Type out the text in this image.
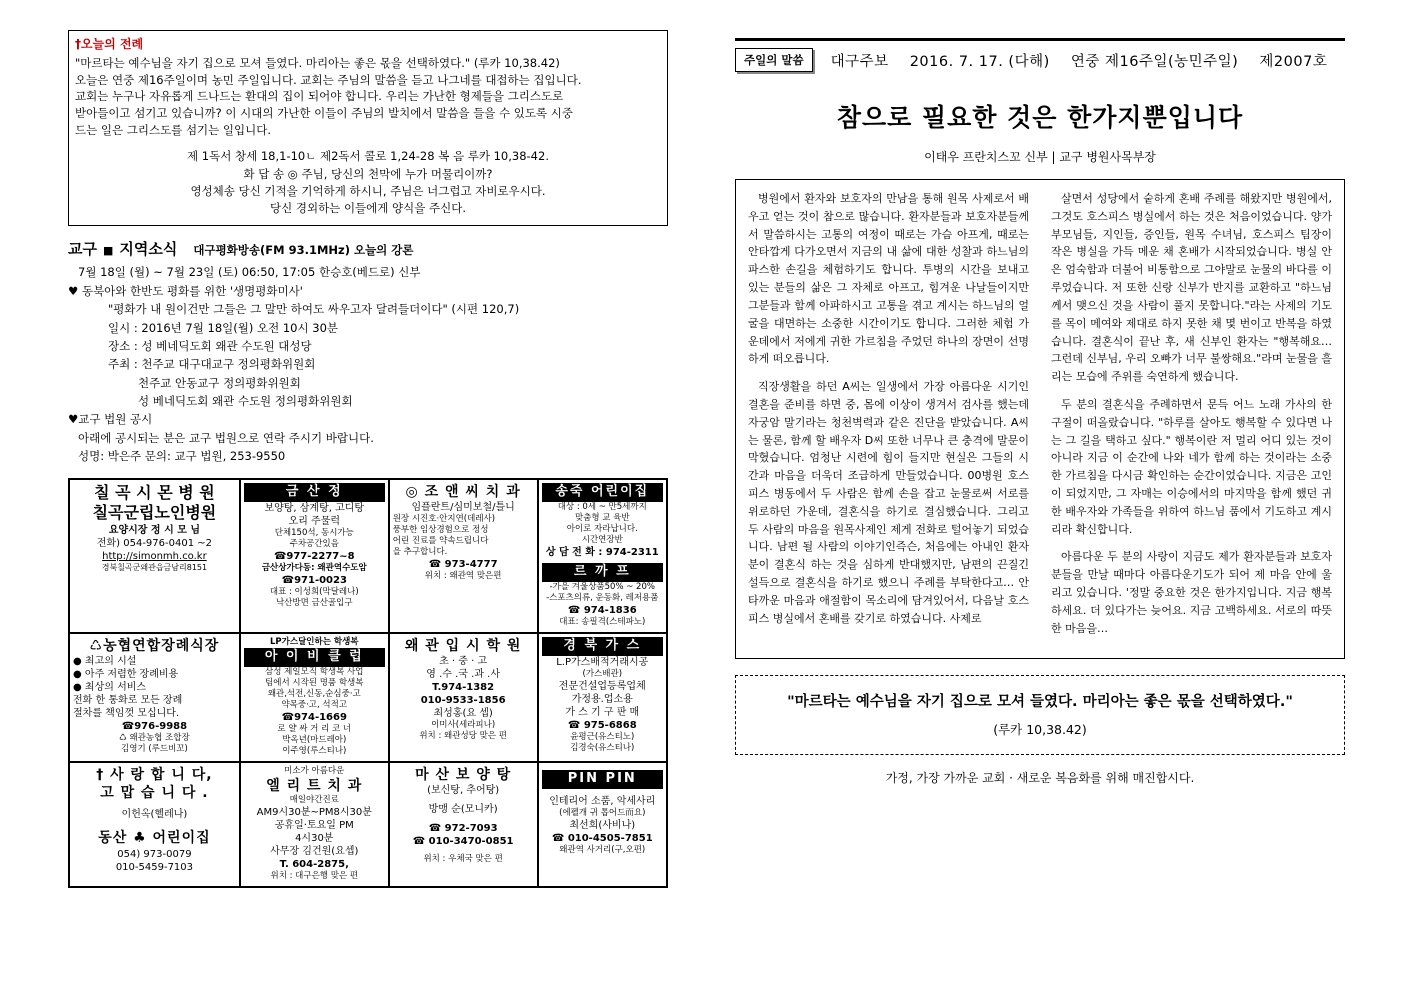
†오늘의 전례
"마르타는 예수님을 자기 집으로 모셔 들였다. 마리아는 좋은 몫을 선택하였다." (루카 10,38.42)
오늘은 연중 제16주일이며 농민 주일입니다. 교회는 주님의 말씀을 듣고 나그네를 대접하는 집입니다.
교회는 누구나 자유롭게 드나드는 환대의 집이 되어야 합니다. 우리는 가난한 형제들을 그리스도로
받아들이고 섬기고 있습니까? 이 시대의 가난한 이들이 주님의 발치에서 말씀을 들을 수 있도록 시중
드는 일은 그리스도를 섬기는 일입니다.
제 1독서 창세 18,1-10ㄴ 제2독서 콜로 1,24-28 복 음 루카 10,38-42.
화 답 송 ◎ 주님, 당신의 천막에 누가 머물리이까?
영성체송 당신 기적을 기억하게 하시니, 주님은 너그럽고 자비로우시다.
당신 경외하는 이들에게 양식을 주신다.
교구 ■ 지역소식 대구평화방송(FM 93.1MHz) 오늘의 강론
7월 18일 (월) ~ 7월 23일 (토) 06:50, 17:05 한승호(베드로) 신부
♥ 동북아와 한반도 평화를 위한 '생명평화미사'
"평화가 내 원이건만 그들은 그 말만 하여도 싸우고자 달려들더이다" (시편 120,7)
일시 : 2016년 7월 18일(월) 오전 10시 30분
장소 : 성 베네딕도회 왜관 수도원 대성당
주최 : 천주교 대구대교구 정의평화위원회
천주교 안동교구 정의평화위원회
성 베네딕도회 왜관 수도원 정의평화위원회
♥교구 법원 공시
아래에 공시되는 분은 교구 법원으로 연락 주시기 바랍니다.
성명: 박은주 문의: 교구 법원, 253-9550
칠 곡 시 몬 병 원
칠곡군립노인병원
요양시장 정 시 모 님
전화) 054-976-0401 ~2
http://simonmh.co.kr
경북칠곡군왜관읍금남리8151
금 산 정
보양탕, 삼계탕, 고디탕
오리 주물럭
단체150석, 동시가능
주차공간있음
☎977-2277~8
금산상가다동: 왜관역수도암
☎971-0023
대표 : 이성희(막달레나)
낙산방면 금산골입구
◎ 조 앤 씨 치 과
임플란트/심미보철/틀니
원장 시진호·안지연(데레사)
풍부한 임상경험으로 정성
어린 진료를 약속드립니다
을 추구합니다.
☎ 973-4777
위치 : 왜관역 맞은편
송죽 어린이집
대상 : 0세 ~ 만5세까지
맞춤형 교 육반
아이로 자라납니다.
시간연장반
상 담 전 화 : 974-2311
르 까 프
-가을 겨울상품50% ~ 20%
-스포츠의류, 운동화, 레저용품
☎ 974-1836
대표: 송필격(스테파노)
♺농협연합장례식장
● 최고의 시설
● 아주 저렴한 장례비용
● 최상의 서비스
전화 한 통화로 모든 장례
절차를 책임껏 모십니다.
☎976-9988
♺ 왜관농협 조합장
김영기 (루드비꼬)
LP가스달인하는 학생복
아 이 비 클 럽
삼성 제일모직 학생복 사업
팀에서 시작된 명품 학생복
왜관,석전,신동,순심중·고
약목중·고, 석적고
☎974-1669
로 얄 싸 거 리 코 너
박옥년(마드레아)
이주영(루스티나)
왜 관 입 시 학 원
초 · 중 · 고
영 .수 .국 .과 .사
T.974-1382
010-9533-1856
최성홍(요 셉)
이미사(세라피나)
위치 : 왜관성당 맞은 편
경 북 가 스
L.P가스배적거래시공
(가스배관)
전문건설업등록업체
가정용.업소용
가 스 기 구 판 매
☎ 975-6868
윤평근(유스티노)
김경숙(유스티나)
† 사 랑 합 니 다,
고 맙 습 니 다 .
이헌옥(헬레나)
동산 ♣ 어린이집
054) 973-0079
010-5459-7103
미소가 아름다운
엘 리 트 치 과
매일야간진료
AM9시30분~PM8시30분
공휴일·토요일 PM
4시30분
사무장 김건원(요셉)
T. 604-2875,
위치 : 대구은행 맞은 편
마 산 보 양 탕
(보신탕, 추어탕)
방맹 순(모니카)
☎ 972-7093
☎ 010-3470-0851
위치 : 우체국 맞은 편
PIN PIN
인테리어 소품, 악세사리
(에펠개 귀 톱어드而요)
최선희(사비나)
☎ 010-4505-7851
왜관역 사거리(구,오편)
주일의 말씀	대구주보 2016. 7. 17. (다해) 연중 제16주일(농민주일) 제2007호
참으로 필요한 것은 한가지뿐입니다
이태우 프란치스꼬 신부 | 교구 병원사목부장

병원에서 환자와 보호자의 만남을 통해 원목 사제로서 배우고 얻는 것이 참으로 많습니다. 환자분들과 보호자분들께서 말씀하시는 고통의 여정이 때로는 가슴 아프게, 때로는 안타깝게 다가오면서 지금의 내 삶에 대한 성찰과 하느님의 파스한 손길을 체험하기도 합니다. 투병의 시간을 보내고 있는 분들의 삶은 그 자체로 아프고, 힘겨운 나날들이지만 그분들과 함께 아파하시고 고통을 겪고 계시는 하느님의 얼굴을 대면하는 소중한 시간이기도 합니다. 그러한 체험 가운데에서 저에게 귀한 가르침을 주었던 하나의 장면이 선명하게 떠오릅니다.

직장생활을 하던 A씨는 일생에서 가장 아름다운 시기인 결혼을 준비를 하면 중, 몸에 이상이 생겨서 검사를 했는데 자궁암 말기라는 청천벽력과 같은 진단을 받았습니다. A씨는 물론, 함께 할 배우자 D씨 또한 너무나 큰 충격에 말문이 막혔습니다. 엄청난 시련에 힘이 들지만 현실은 그들의 시간과 마음을 더욱더 조급하게 만들었습니다. 00병원 호스피스 병동에서 두 사람은 함께 손을 잡고 눈물로써 서로를 위로하던 가운데, 결혼식을 하기로 결심했습니다. 그리고 두 사람의 마음을 원목사제인 제게 전화로 털어놓기 되었습니다. 남편 될 사람의 이야기인즉슨, 처음에는 아내인 환자분이 결혼식 하는 것을 심하게 반대했지만, 남편의 끈질긴 설득으로 결혼식을 하기로 했으니 주례를 부탁한다고… 안타까운 마음과 애절함이 목소리에 담겨있어서, 다음날 호스피스 병실에서 혼배를 갖기로 하였습니다. 사제로

살면서 성당에서 숱하게 혼배 주례를 해왔지만 병원에서, 그것도 호스피스 병실에서 하는 것은 처음이었습니다. 양가 부모님들, 지인들, 증인들, 원목 수녀님, 호스피스 팀장이 작은 병실을 가득 메운 채 혼배가 시작되었습니다. 병실 안은 엄숙함과 더불어 비통함으로 그야말로 눈물의 바다를 이루었습니다. 저 또한 신랑 신부가 반지를 교환하고 "하느님께서 맺으신 것을 사람이 풀지 못합니다."라는 사제의 기도를 목이 메여와 제대로 하지 못한 채 몇 번이고 반복을 하였습니다. 결혼식이 끝난 후, 새 신부인 환자는 "행복해요… 그런데 신부님, 우리 오빠가 너무 불쌍해요."라며 눈물을 흘리는 모습에 주위를 숙연하게 했습니다.

두 분의 결혼식을 주례하면서 문득 어느 노래 가사의 한 구절이 떠올랐습니다. "하루를 살아도 행복할 수 있다면 나는 그 길을 택하고 싶다." 행복이란 저 멀리 어디 있는 것이 아니라 지금 이 순간에 나와 네가 함께 하는 것이라는 소중한 가르침을 다시금 확인하는 순간이었습니다. 지금은 고인이 되었지만, 그 자매는 이승에서의 마지막을 함께 했던 귀한 배우자와 가족들을 위하여 하느님 품에서 기도하고 계시리라 확신합니다.

아름다운 두 분의 사랑이 지금도 제가 환자분들과 보호자분들을 만날 때마다 아름다운기도가 되어 제 마음 안에 울리고 있습니다. '정말 중요한 것은 한가지입니다. 지금 행복하세요. 더 있다가는 늦어요. 지금 고백하세요. 서로의 따뜻한 마음을…

"마르타는 예수님을 자기 집으로 모셔 들였다. 마리아는 좋은 몫을 선택하였다."
(루카 10,38.42)
가정, 가장 가까운 교회 · 새로운 복음화를 위해 매진합시다.
